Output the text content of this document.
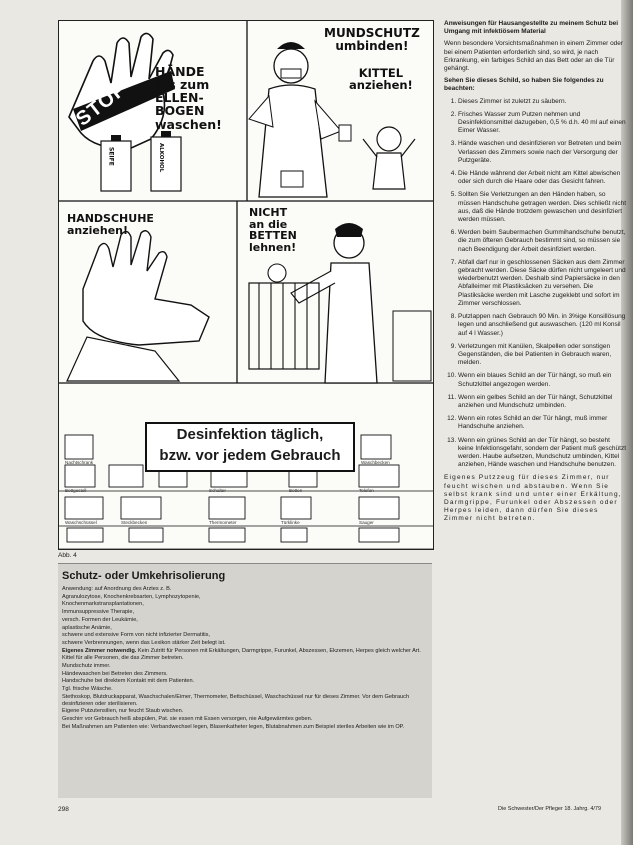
STOP
HÄNDE
bis zum
ELLEN-
BOGEN
waschen!
MUNDSCHUTZ
umbinden!
KITTEL
anziehen!
SEIFE	ALKOHOL
HANDSCHUHE
anziehen!
NICHT
an die
BETTEN
lehnen!
Desinfektion täglich,
bzw. vor jedem Gebrauch
Nachtschrank	Waschbecken
Bettgestell	Schalter	Betten	Telefon
Waschschüssel	Steckbecken	Thermometer	Türklinke	Sauger
Abb. 4
Schutz- oder Umkehrisolierung

Anwendung: auf Anordnung des Arztes z. B.

Agranulozytose, Knochenkrebsarten, Lymphozytopenie,

Knochenmarkstransplantationen,

Immunsuppressive Therapie,

versch. Formen der Leukämie,

aplastische Anämie,

schwere und extensive Form von nicht infizierter Dermatitis,

schwere Verbrennungen, wenn das Lexikon stärker Zeit belegt ist.

Eigenes Zimmer notwendig. Kein Zutritt für Personen mit Erkältungen, Darmgrippe, Furunkel, Abszessen, Ekzemen, Herpes gleich welcher Art.

Kittel für alle Personen, die das Zimmer betreten.

Mundschutz immer.

Händewaschen bei Betreten des Zimmers.

Handschuhe bei direktem Kontakt mit dem Patienten.

Tgl. frische Wäsche.

Stethoskop, Blutdruckapparat, Waschschalen/Eimer, Thermometer, Bettschüssel, Waschschüssel nur für dieses Zimmer. Vor dem Gebrauch desinfizieren oder sterilisieren.

Eigene Putzutensilien, nur feucht Staub wischen.

Geschirr vor Gebrauch heiß abspülen, Pat. sie essen mit Essen versorgen, nie Aufgewärmtes geben.

Bei Maßnahmen am Patienten wie: Verbandwechsel legen, Blasenkatheter legen, Blutabnahmen zum Beispiel steriles Arbeiten wie im OP.

Anweisungen für Hausangestellte zu meinem Schutz bei Umgang mit infektiösem Material

Wenn besondere Vorsichtsmaßnahmen in einem Zimmer oder bei einem Patienten erforderlich sind, so wird, je nach Erkrankung, ein farbiges Schild an das Bett oder an die Tür gehängt.

Sehen Sie dieses Schild, so haben Sie folgendes zu beachten:

1. Dieses Zimmer ist zuletzt zu säubern.
2. Frisches Wasser zum Putzen nehmen und Desinfektionsmittel dazugeben, 0,5 % d.h. 40 ml auf einen Eimer Wasser.
3. Hände waschen und desinfizieren vor Betreten und beim Verlassen des Zimmers sowie nach der Versorgung der Putzgeräte.
4. Die Hände während der Arbeit nicht am Kittel abwischen oder sich durch die Haare oder das Gesicht fahren.
5. Sollten Sie Verletzungen an den Händen haben, so müssen Handschuhe getragen werden. Dies schließt nicht aus, daß die Hände trotzdem gewaschen und desinfiziert werden müssen.
6. Werden beim Saubermachen Gummihandschuhe benutzt, die zum öfteren Gebrauch bestimmt sind, so müssen sie nach Beendigung der Arbeit desinfiziert werden.
7. Abfall darf nur in geschlossenen Säcken aus dem Zimmer gebracht werden. Diese Säcke dürfen nicht umgeleert und wiederbenutzt werden. Deshalb sind Papiersäcke in den Abfalleimer mit Plastiksäcken zu versehen. Die Plastiksäcke werden mit Lasche zugeklebt und sofort im Zimmer verschlossen.
8. Putzlappen nach Gebrauch 90 Min. in 3%ige Konsillösung legen und anschließend gut auswaschen. (120 ml Konsil auf 4 l Wasser.)
9. Verletzungen mit Kanülen, Skalpellen oder sonstigen Gegenständen, die bei Patienten in Gebrauch waren, melden.
10. Wenn ein blaues Schild an der Tür hängt, so muß ein Schutzkittel angezogen werden.
11. Wenn ein gelbes Schild an der Tür hängt, Schutzkittel anziehen und Mundschutz umbinden.
12. Wenn ein rotes Schild an der Tür hängt, muß immer Handschuhe anziehen.
13. Wenn ein grünes Schild an der Tür hängt, so besteht keine Infektionsgefahr, sondern der Patient muß geschützt werden. Haube aufsetzen, Mundschutz umbinden, Kittel anziehen, Hände waschen und Handschuhe benutzen.

Eigenes Putzzeug für dieses Zimmer, nur feucht wischen und abstauben. Wenn Sie selbst krank sind und unter einer Erkältung, Darmgrippe, Furunkel oder Abszessen oder Herpes leiden, dann dürfen Sie dieses Zimmer nicht betreten.

298	Die Schwester/Der Pfleger 18. Jahrg. 4/79
